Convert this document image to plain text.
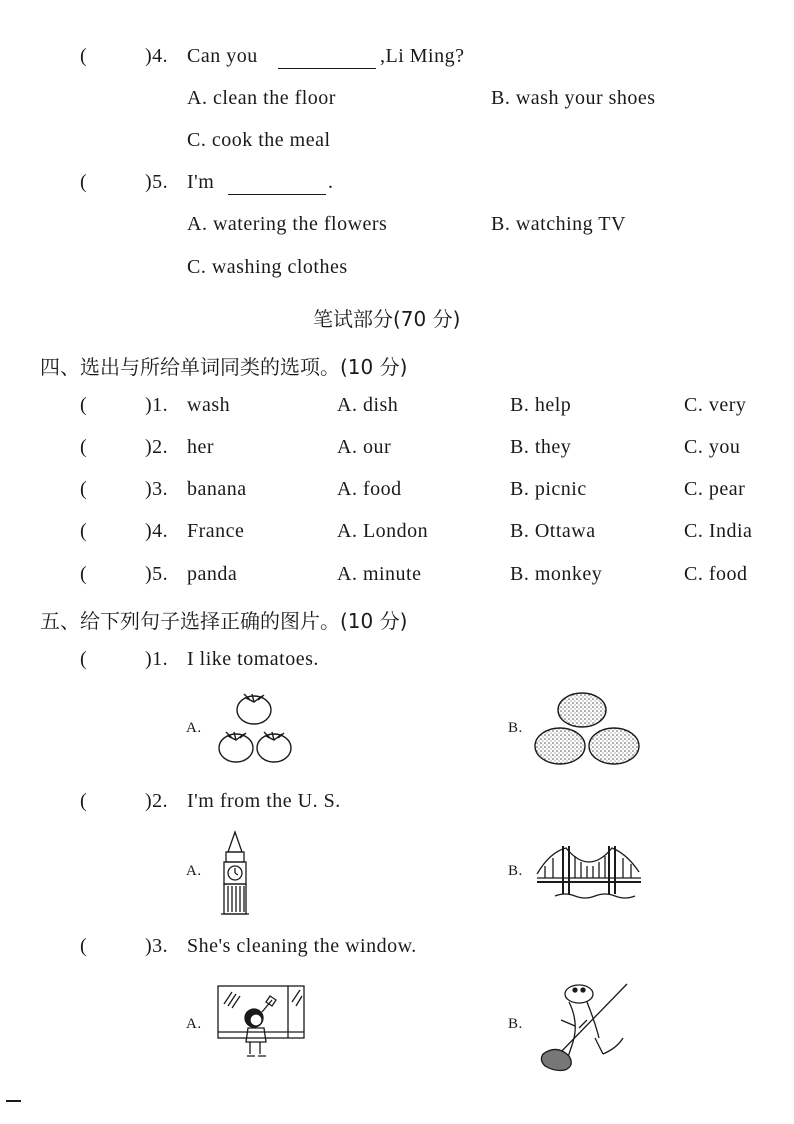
(	)4. Can you	,Li Ming?
A. clean the floor	B. wash your shoes
C. cook the meal
(	)5. I'm	.
A. watering the flowers	B. watching TV
C. washing clothes
笔试部分(70 分)
四、选出与所给单词同类的选项。(10 分)
(	)1. wash	A. dish	B. help	C. very
(	)2. her	A. our	B. they	C. you
(	)3. banana	A. food	B. picnic	C. pear
(	)4. France	A. London	B. Ottawa	C. India
(	)5. panda	A. minute	B. monkey	C. food
五、给下列句子选择正确的图片。(10 分)
(	)1. I like tomatoes.
A.	B.
(	)2. I'm from the U. S.
A.	B.
(	)3. She's cleaning the window.
A.	B.
